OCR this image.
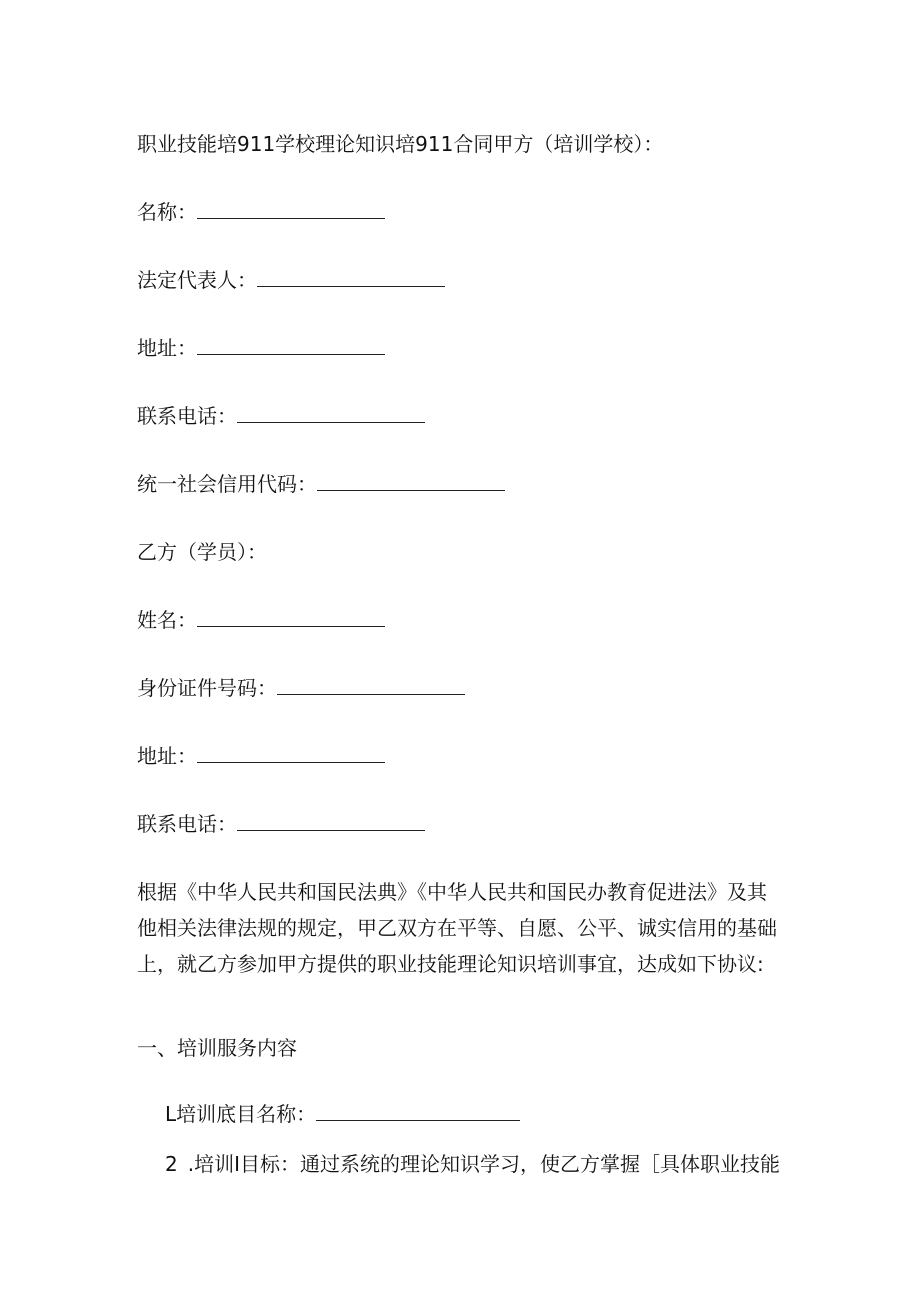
职业技能培911学校理论知识培911合同甲方（培训学校）：
名称：
法定代表人：
地址：
联系电话：
统一社会信用代码：
乙方（学员）：
姓名：
身份证件号码：
地址：
联系电话：
根据《中华人民共和国民法典》《中华人民共和国民办教育促进法》及其
他相关法律法规的规定，甲乙双方在平等、自愿、公平、诚实信用的基础
上，就乙方参加甲方提供的职业技能理论知识培训事宜，达成如下协议:
一、培训服务内容
L培训底目名称：
2 .培训I目标：通过系统的理论知识学习，使乙方掌握［具体职业技能
